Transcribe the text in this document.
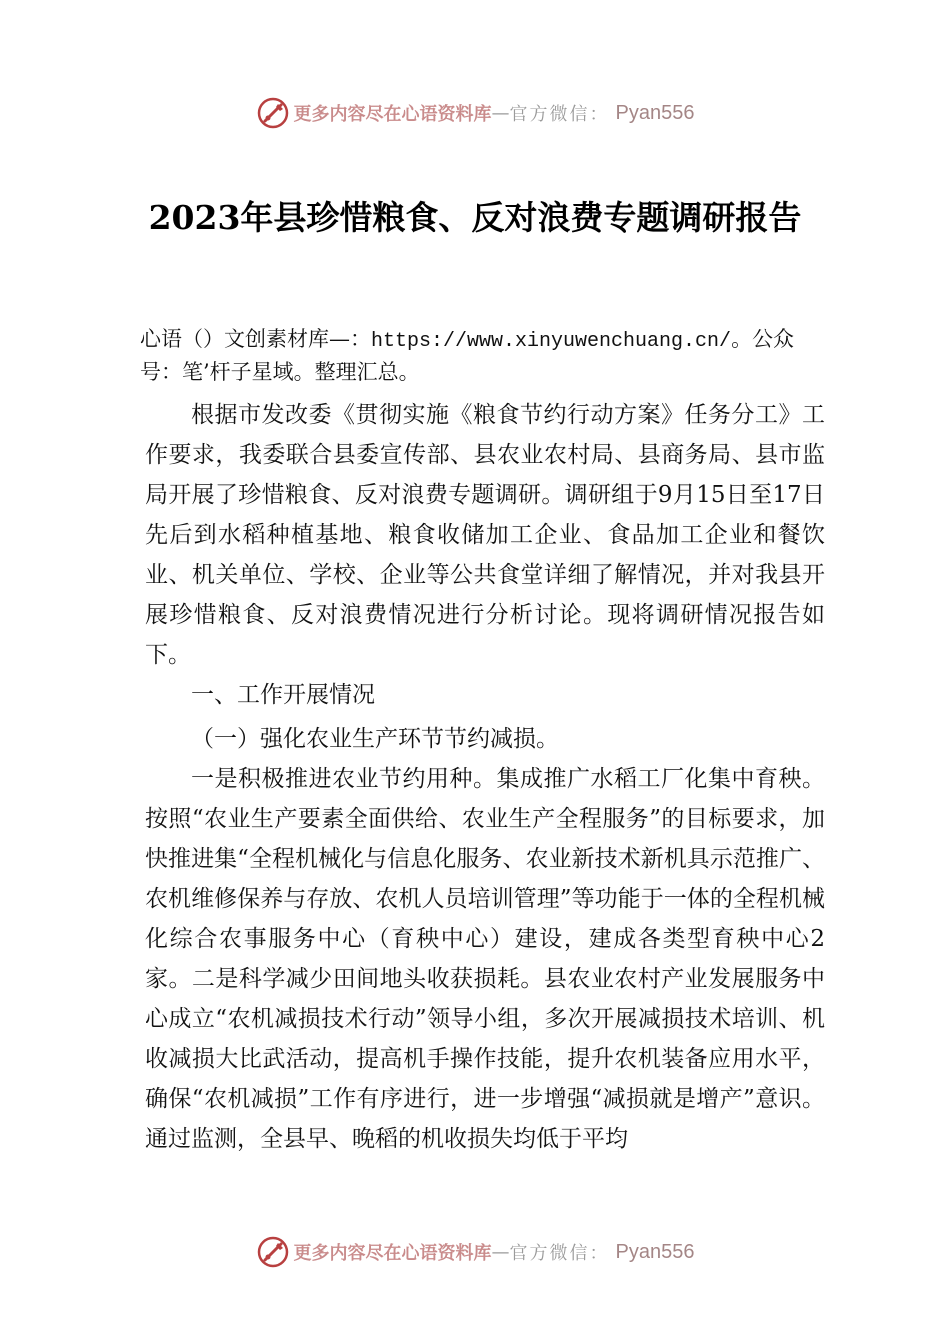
更多内容尽在心语资料库 — 官方微信： Pyan556
2023年县珍惜粮食、反对浪费专题调研报告
心语（）文创素材库—：https://www.xinyuwenchuang.cn/。公众号：笔’杆子星域。整理汇总。

根据市发改委《贯彻实施《粮食节约行动方案》任务分工》工作要求，我委联合县委宣传部、县农业农村局、县商务局、县市监局开展了珍惜粮食、反对浪费专题调研。调研组于9月15日至17日先后到水稻种植基地、粮食收储加工企业、食品加工企业和餐饮业、机关单位、学校、企业等公共食堂详细了解情况，并对我县开展珍惜粮食、反对浪费情况进行分析讨论。现将调研情况报告如下。

一、工作开展情况

（一）强化农业生产环节节约减损。

一是积极推进农业节约用种。集成推广水稻工厂化集中育秧。按照“农业生产要素全面供给、农业生产全程服务”的目标要求，加快推进集“全程机械化与信息化服务、农业新技术新机具示范推广、农机维修保养与存放、农机人员培训管理”等功能于一体的全程机械化综合农事服务中心（育秧中心）建设，建成各类型育秧中心2家。二是科学减少田间地头收获损耗。县农业农村产业发展服务中心成立“农机减损技术行动”领导小组，多次开展减损技术培训、机收减损大比武活动，提高机手操作技能，提升农机装备应用水平，确保“农机减损”工作有序进行，进一步增强“减损就是增产”意识。通过监测，全县早、晚稻的机收损失均低于平均

更多内容尽在心语资料库 — 官方微信： Pyan556
